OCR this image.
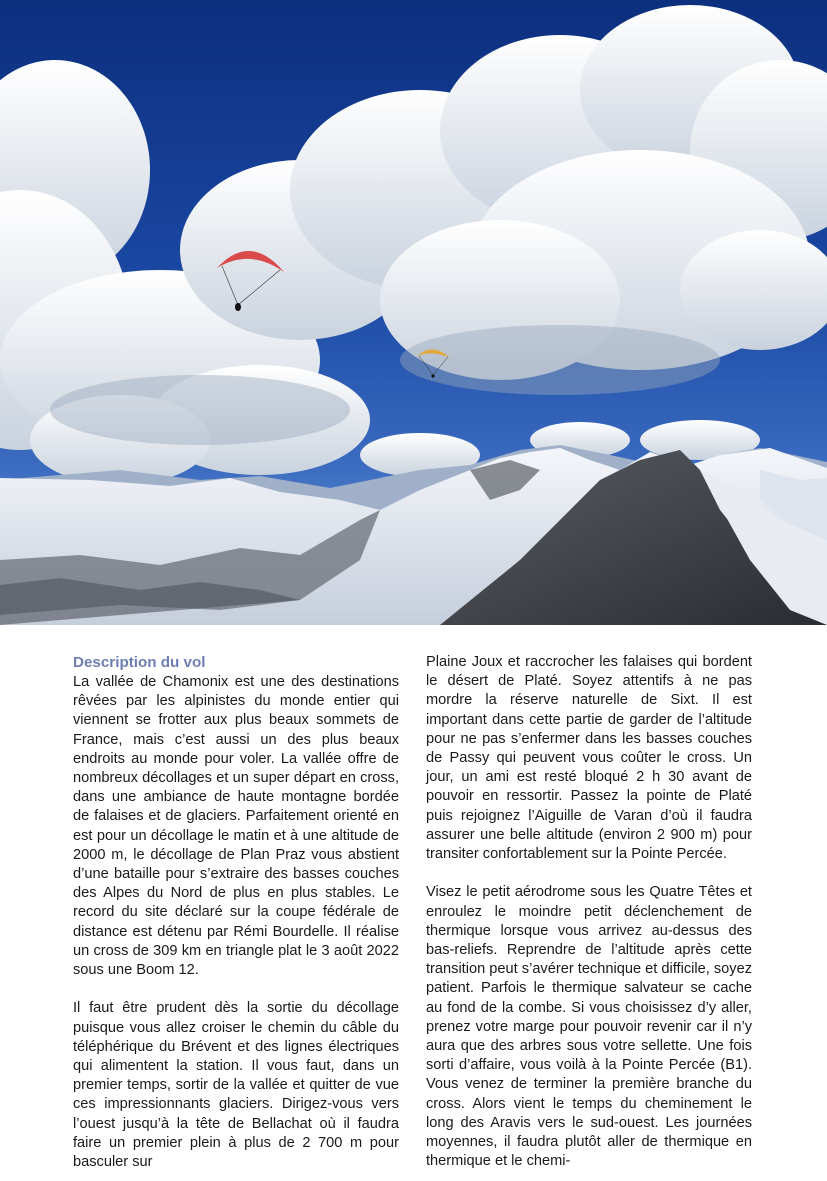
Description du vol

La vallée de Chamonix est une des destinations rêvées par les alpinistes du monde entier qui viennent se frotter aux plus beaux sommets de France, mais c’est aussi un des plus beaux endroits au monde pour voler. La vallée offre de nombreux décollages et un super départ en cross, dans une ambiance de haute montagne bordée de falaises et de glaciers. Parfaitement orienté en est pour un décollage le matin et à une altitude de 2000 m, le décollage de Plan Praz vous abstient d’une bataille pour s’extraire des basses couches des Alpes du Nord de plus en plus stables. Le record du site déclaré sur la coupe fédérale de distance est détenu par Rémi Bourdelle. Il réalise un cross de 309 km en triangle plat le 3 août 2022 sous une Boom 12.

Il faut être prudent dès la sortie du décollage puisque vous allez croiser le chemin du câble du téléphérique du Brévent et des lignes électriques qui alimentent la station. Il vous faut, dans un premier temps, sortir de la vallée et quitter de vue ces impressionnants glaciers. Dirigez-vous vers l’ouest jusqu’à la tête de Bellachat où il faudra faire un premier plein à plus de 2 700 m pour basculer sur

Plaine Joux et raccrocher les falaises qui bordent le désert de Platé. Soyez attentifs à ne pas mordre la réserve naturelle de Sixt. Il est important dans cette partie de garder de l’altitude pour ne pas s’enfermer dans les basses couches de Passy qui peuvent vous coûter le cross. Un jour, un ami est resté bloqué 2 h 30 avant de pouvoir en ressortir. Passez la pointe de Platé puis rejoignez l’Aiguille de Varan d’où il faudra assurer une belle altitude (environ 2 900 m) pour transiter confortablement sur la Pointe Percée.

Visez le petit aérodrome sous les Quatre Têtes et enroulez le moindre petit déclenchement de thermique lorsque vous arrivez au-dessus des bas-reliefs. Reprendre de l’altitude après cette transition peut s’avérer technique et difficile, soyez patient. Parfois le thermique salvateur se cache au fond de la combe. Si vous choisissez d’y aller, prenez votre marge pour pouvoir revenir car il n’y aura que des arbres sous votre sellette. Une fois sorti d’affaire, vous voilà à la Pointe Percée (B1). Vous venez de terminer la première branche du cross. Alors vient le temps du cheminement le long des Aravis vers le sud-ouest. Les journées moyennes, il faudra plutôt aller de thermique en thermique et le chemi-
